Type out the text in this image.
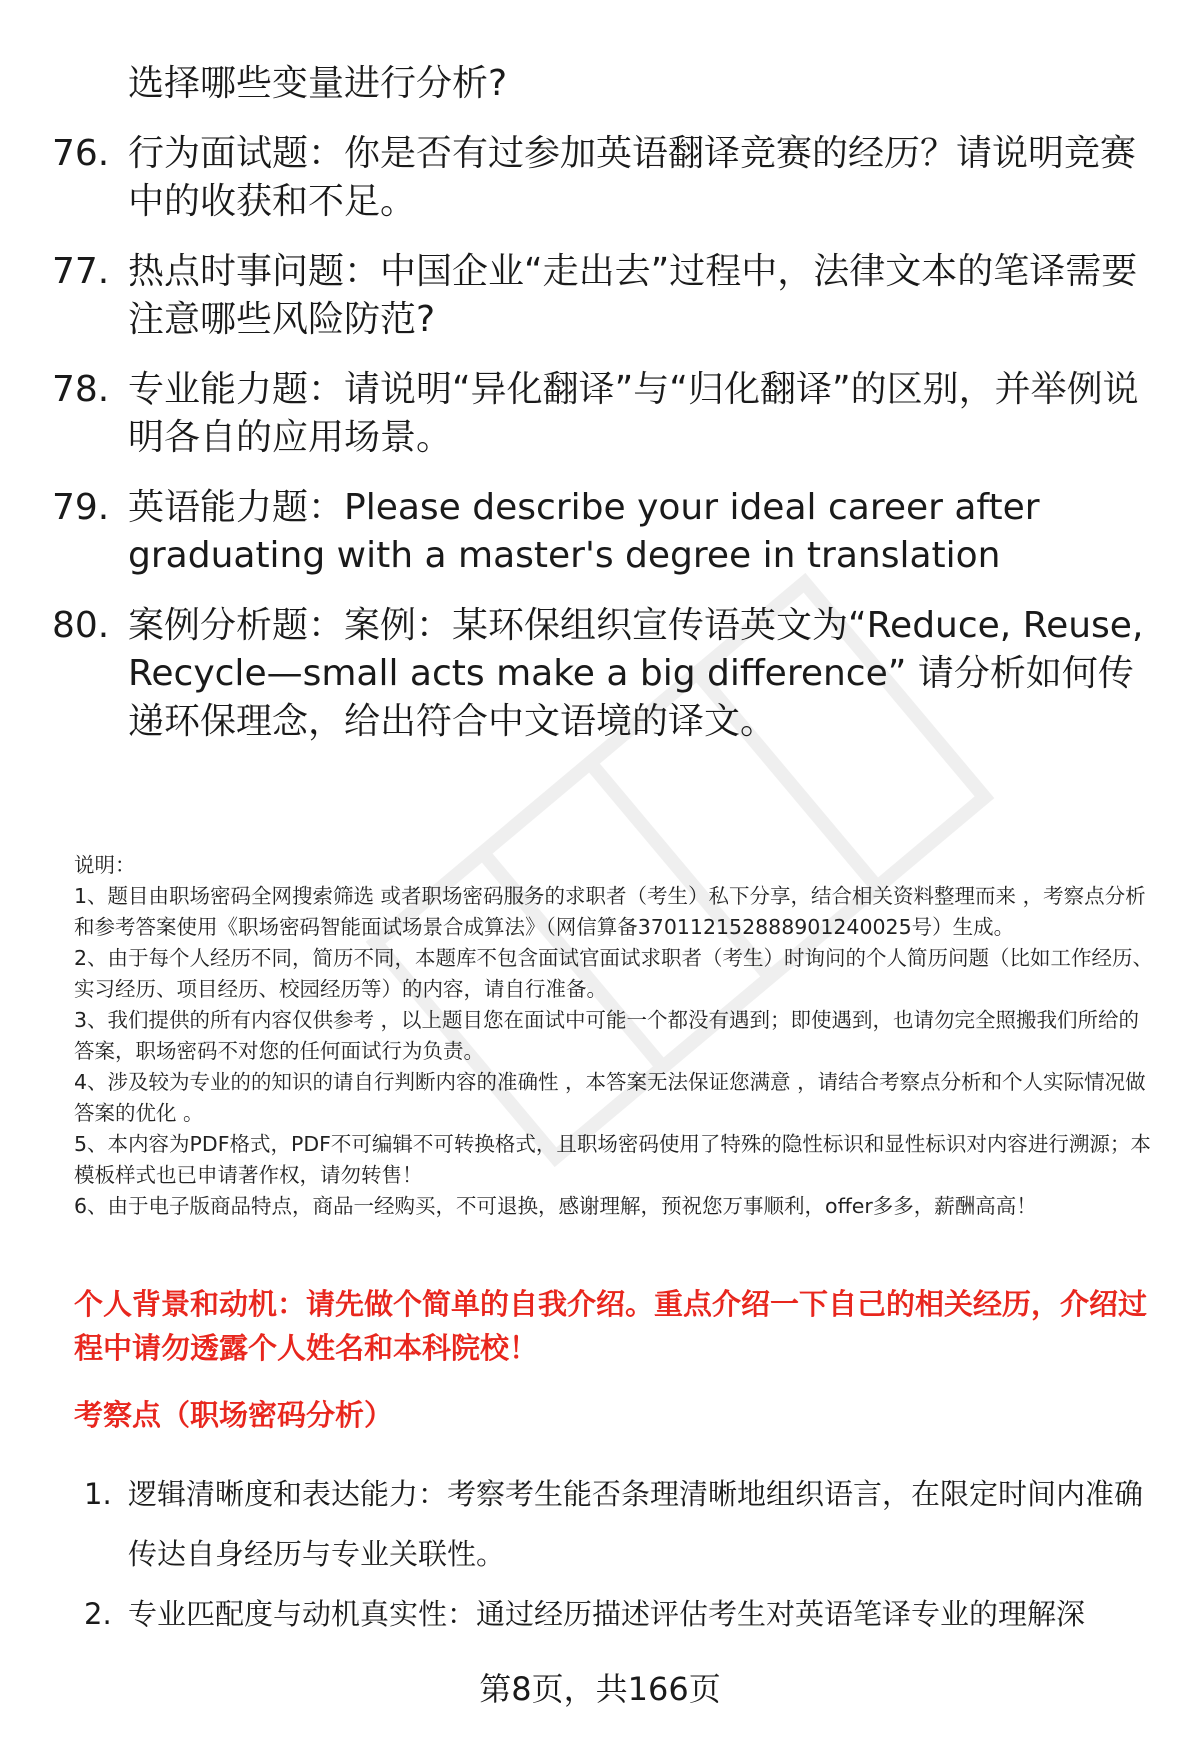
选择哪些变量进行分析?

76. 行为面试题：你是否有过参加英语翻译竞赛的经历？请说明竞赛中的收获和不足。
77. 热点时事问题：中国企业“走出去”过程中，法律文本的笔译需要注意哪些风险防范?
78. 专业能力题：请说明“异化翻译”与“归化翻译”的区别，并举例说明各自的应用场景。
79. 英语能力题：Please describe your ideal career after graduating with a master's degree in translation
80. 案例分析题：案例：某环保组织宣传语英文为“Reduce, Reuse, Recycle—small acts make a big difference” 请分析如何传递环保理念，给出符合中文语境的译文。

说明：

1、题目由职场密码全网搜索筛选 或者职场密码服务的求职者（考生）私下分享，结合相关资料整理而来 ，考察点分析和参考答案使用《职场密码智能面试场景合成算法》（网信算备370112152888901240025号）生成。

2、由于每个人经历不同，简历不同，本题库不包含面试官面试求职者（考生）时询问的个人简历问题（比如工作经历、实习经历、项目经历、校园经历等）的内容，请自行准备。

3、我们提供的所有内容仅供参考 ，以上题目您在面试中可能一个都没有遇到；即使遇到，也请勿完全照搬我们所给的答案，职场密码不对您的任何面试行为负责。

4、涉及较为专业的的知识的请自行判断内容的准确性 ，本答案无法保证您满意 ，请结合考察点分析和个人实际情况做答案的优化 。

5、本内容为PDF格式，PDF不可编辑不可转换格式，且职场密码使用了特殊的隐性标识和显性标识对内容进行溯源；本模板样式也已申请著作权，请勿转售！

6、由于电子版商品特点，商品一经购买，不可退换，感谢理解，预祝您万事顺利，offer多多，薪酬高高！

个人背景和动机：请先做个简单的自我介绍。重点介绍一下自己的相关经历，介绍过程中请勿透露个人姓名和本科院校！
考察点（职场密码分析）
1. 逻辑清晰度和表达能力：考察考生能否条理清晰地组织语言，在限定时间内准确传达自身经历与专业关联性。
2. 专业匹配度与动机真实性：通过经历描述评估考生对英语笔译专业的理解深
第8页，共166页
